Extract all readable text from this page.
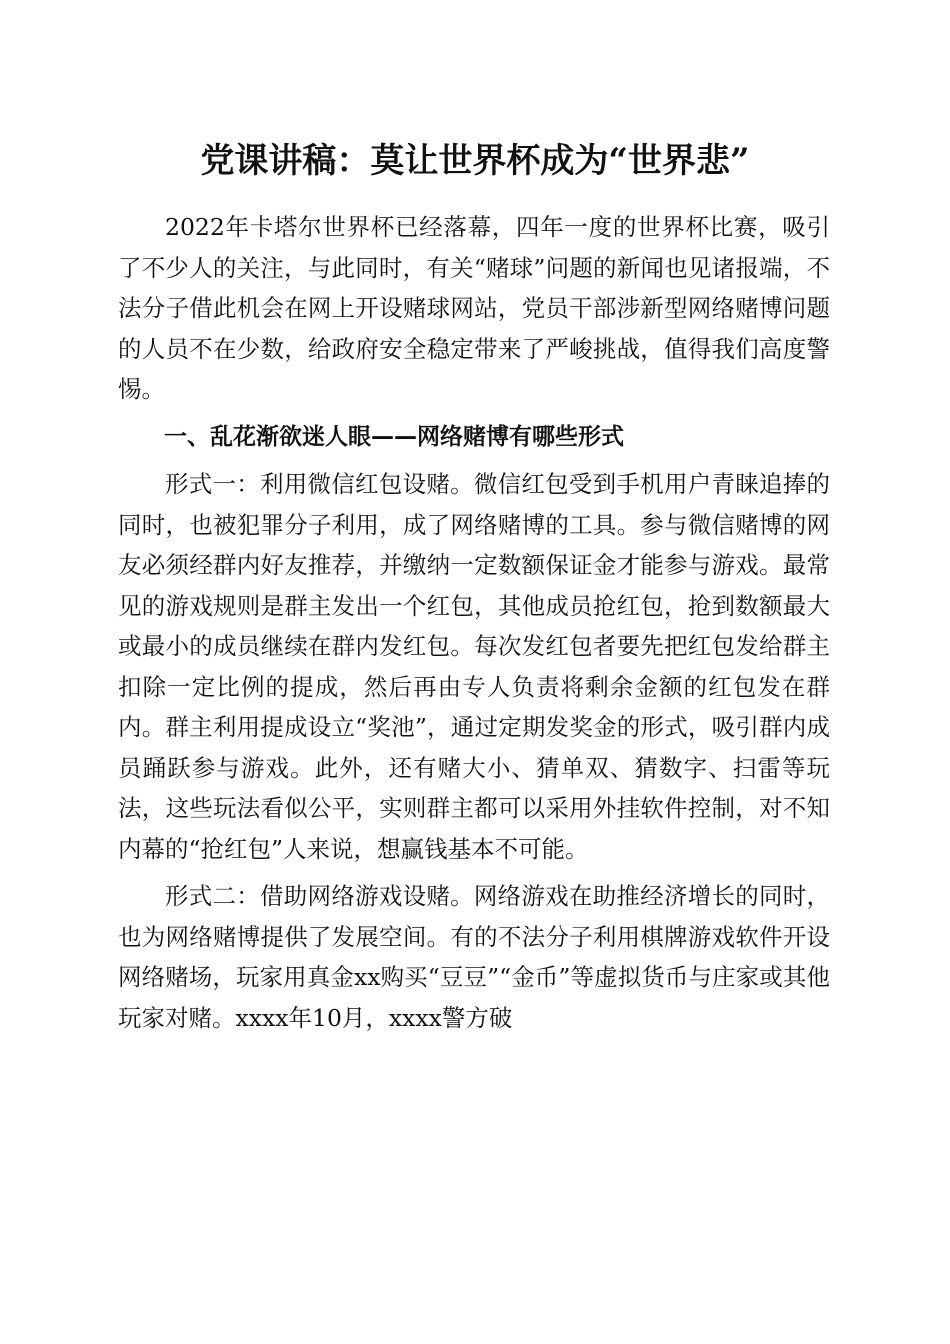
党课讲稿：莫让世界杯成为“世界悲”

2022年卡塔尔世界杯已经落幕，四年一度的世界杯比赛，吸引了不少人的关注，与此同时，有关“赌球”问题的新闻也见诸报端，不法分子借此机会在网上开设赌球网站，党员干部涉新型网络赌博问题的人员不在少数，给政府安全稳定带来了严峻挑战，值得我们高度警惕。

一、乱花渐欲迷人眼——网络赌博有哪些形式

形式一：利用微信红包设赌。微信红包受到手机用户青睐追捧的同时，也被犯罪分子利用，成了网络赌博的工具。参与微信赌博的网友必须经群内好友推荐，并缴纳一定数额保证金才能参与游戏。最常见的游戏规则是群主发出一个红包，其他成员抢红包，抢到数额最大或最小的成员继续在群内发红包。每次发红包者要先把红包发给群主扣除一定比例的提成，然后再由专人负责将剩余金额的红包发在群内。群主利用提成设立“奖池”，通过定期发奖金的形式，吸引群内成员踊跃参与游戏。此外，还有赌大小、猜单双、猜数字、扫雷等玩法，这些玩法看似公平，实则群主都可以采用外挂软件控制，对不知内幕的“抢红包”人来说，想赢钱基本不可能。

形式二：借助网络游戏设赌。网络游戏在助推经济增长的同时，也为网络赌博提供了发展空间。有的不法分子利用棋牌游戏软件开设网络赌场，玩家用真金xx购买“豆豆”“金币”等虚拟货币与庄家或其他玩家对赌。xxxx年10月，xxxx警方破
